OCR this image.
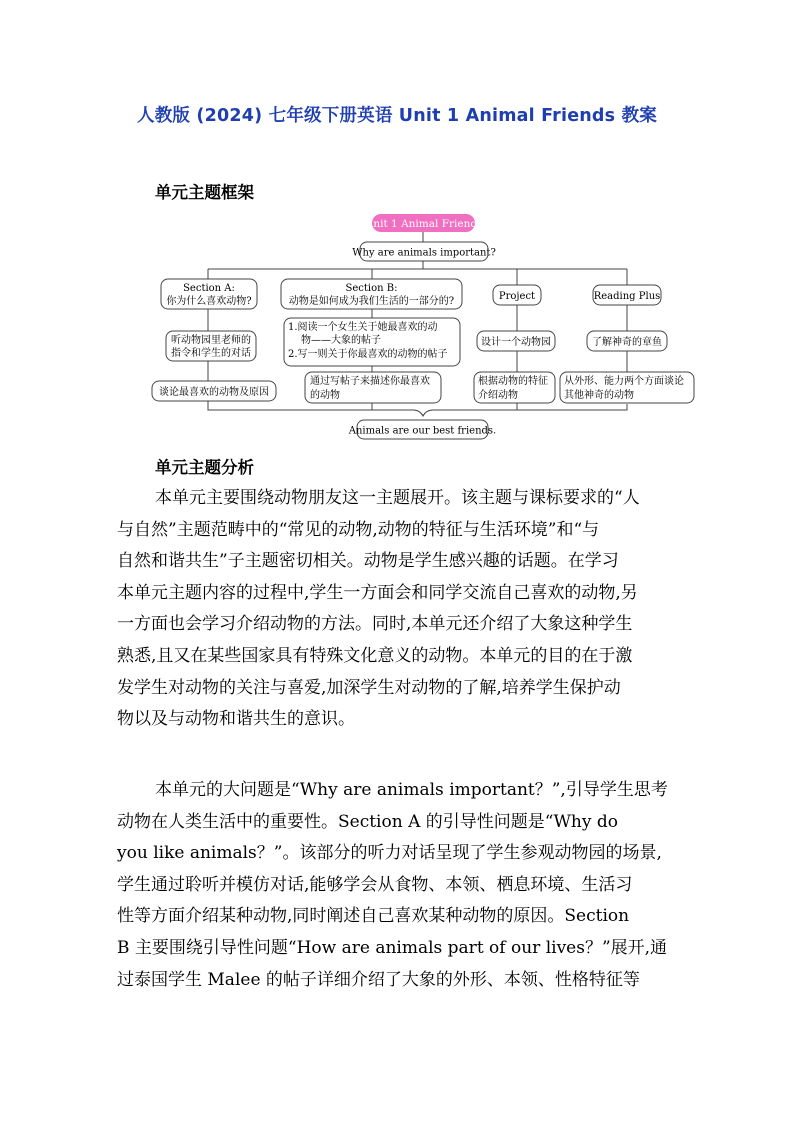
人教版 (2024) 七年级下册英语 Unit 1 Animal Friends 教案
单元主题框架
Unit 1 Animal Friends
Why are animals important?
Section A:
你为什么喜欢动物?
Section B:
动物是如何成为我们生活的一部分的?	Project	Reading Plus
听动物园里老师的
指令和学生的对话
1.阅读一个女生关于她最喜欢的动
物——大象的帖子
2.写一则关于你最喜欢的动物的帖子
设计一个动物园	了解神奇的章鱼
谈论最喜欢的动物及原因
通过写帖子来描述你最喜欢
的动物
根据动物的特征
介绍动物
从外形、能力两个方面谈论
其他神奇的动物
Animals are our best friends.
单元主题分析
本单元主要围绕动物朋友这一主题展开。该主题与课标要求的“人
与自然”主题范畴中的“常见的动物,动物的特征与生活环境”和“与
自然和谐共生”子主题密切相关。动物是学生感兴趣的话题。在学习
本单元主题内容的过程中,学生一方面会和同学交流自己喜欢的动物,另
一方面也会学习介绍动物的方法。同时,本单元还介绍了大象这种学生
熟悉,且又在某些国家具有特殊文化意义的动物。本单元的目的在于激
发学生对动物的关注与喜爱,加深学生对动物的了解,培养学生保护动
物以及与动物和谐共生的意识。
本单元的大问题是“Why are animals important？”,引导学生思考
动物在人类生活中的重要性。Section A 的引导性问题是“Why do
you like animals？”。该部分的听力对话呈现了学生参观动物园的场景,
学生通过聆听并模仿对话,能够学会从食物、本领、栖息环境、生活习
性等方面介绍某种动物,同时阐述自己喜欢某种动物的原因。Section
B 主要围绕引导性问题“How are animals part of our lives？”展开,通
过泰国学生 Malee 的帖子详细介绍了大象的外形、本领、性格特征等
